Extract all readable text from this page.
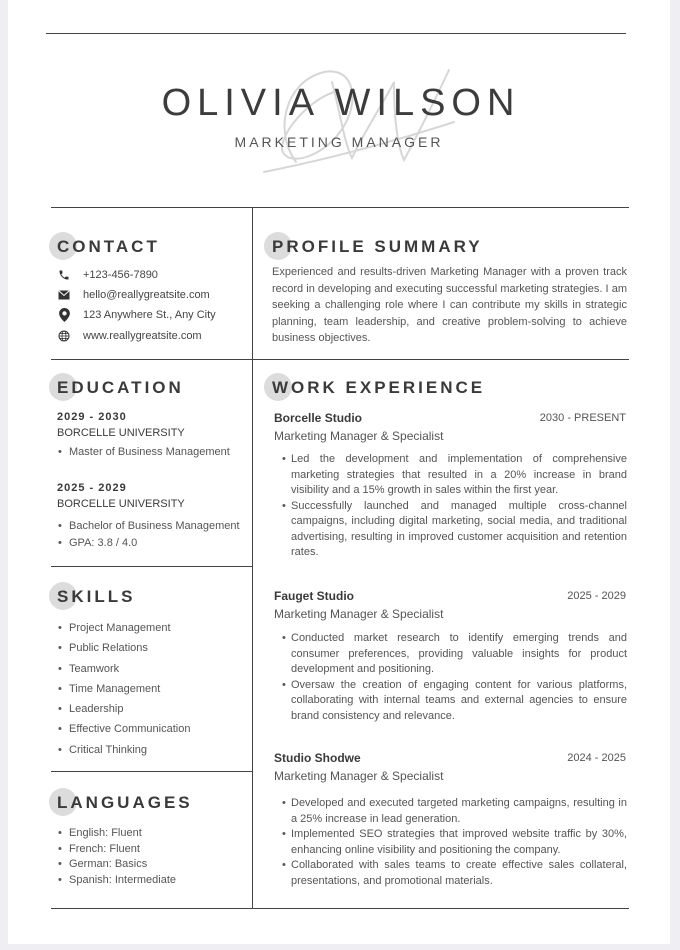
OLIVIA WILSON
MARKETING MANAGER
CONTACT
+123-456-7890
hello@reallygreatsite.com
123 Anywhere St., Any City
www.reallygreatsite.com
PROFILE SUMMARY
Experienced and results-driven Marketing Manager with a proven track record in developing and executing successful marketing strategies. I am seeking a challenging role where I can contribute my skills in strategic planning, team leadership, and creative problem-solving to achieve business objectives.
EDUCATION
2029 - 2030
BORCELLE UNIVERSITY
• Master of Business Management
2025 - 2029
BORCELLE UNIVERSITY
• Bachelor of Business Management
• GPA: 3.8 / 4.0
SKILLS
• Project Management
• Public Relations
• Teamwork
• Time Management
• Leadership
• Effective Communication
• Critical Thinking
LANGUAGES
• English: Fluent
• French: Fluent
• German: Basics
• Spanish: Intermediate
WORK EXPERIENCE
Borcelle Studio	2030 - PRESENT
Marketing Manager & Specialist
• Led the development and implementation of comprehensive marketing strategies that resulted in a 20% increase in brand visibility and a 15% growth in sales within the first year.
• Successfully launched and managed multiple cross-channel campaigns, including digital marketing, social media, and traditional advertising, resulting in improved customer acquisition and retention rates.
Fauget Studio	2025 - 2029
Marketing Manager & Specialist
• Conducted market research to identify emerging trends and consumer preferences, providing valuable insights for product development and positioning.
• Oversaw the creation of engaging content for various platforms, collaborating with internal teams and external agencies to ensure brand consistency and relevance.
Studio Shodwe	2024 - 2025
Marketing Manager & Specialist
• Developed and executed targeted marketing campaigns, resulting in a 25% increase in lead generation.
• Implemented SEO strategies that improved website traffic by 30%, enhancing online visibility and positioning the company.
• Collaborated with sales teams to create effective sales collateral, presentations, and promotional materials.
